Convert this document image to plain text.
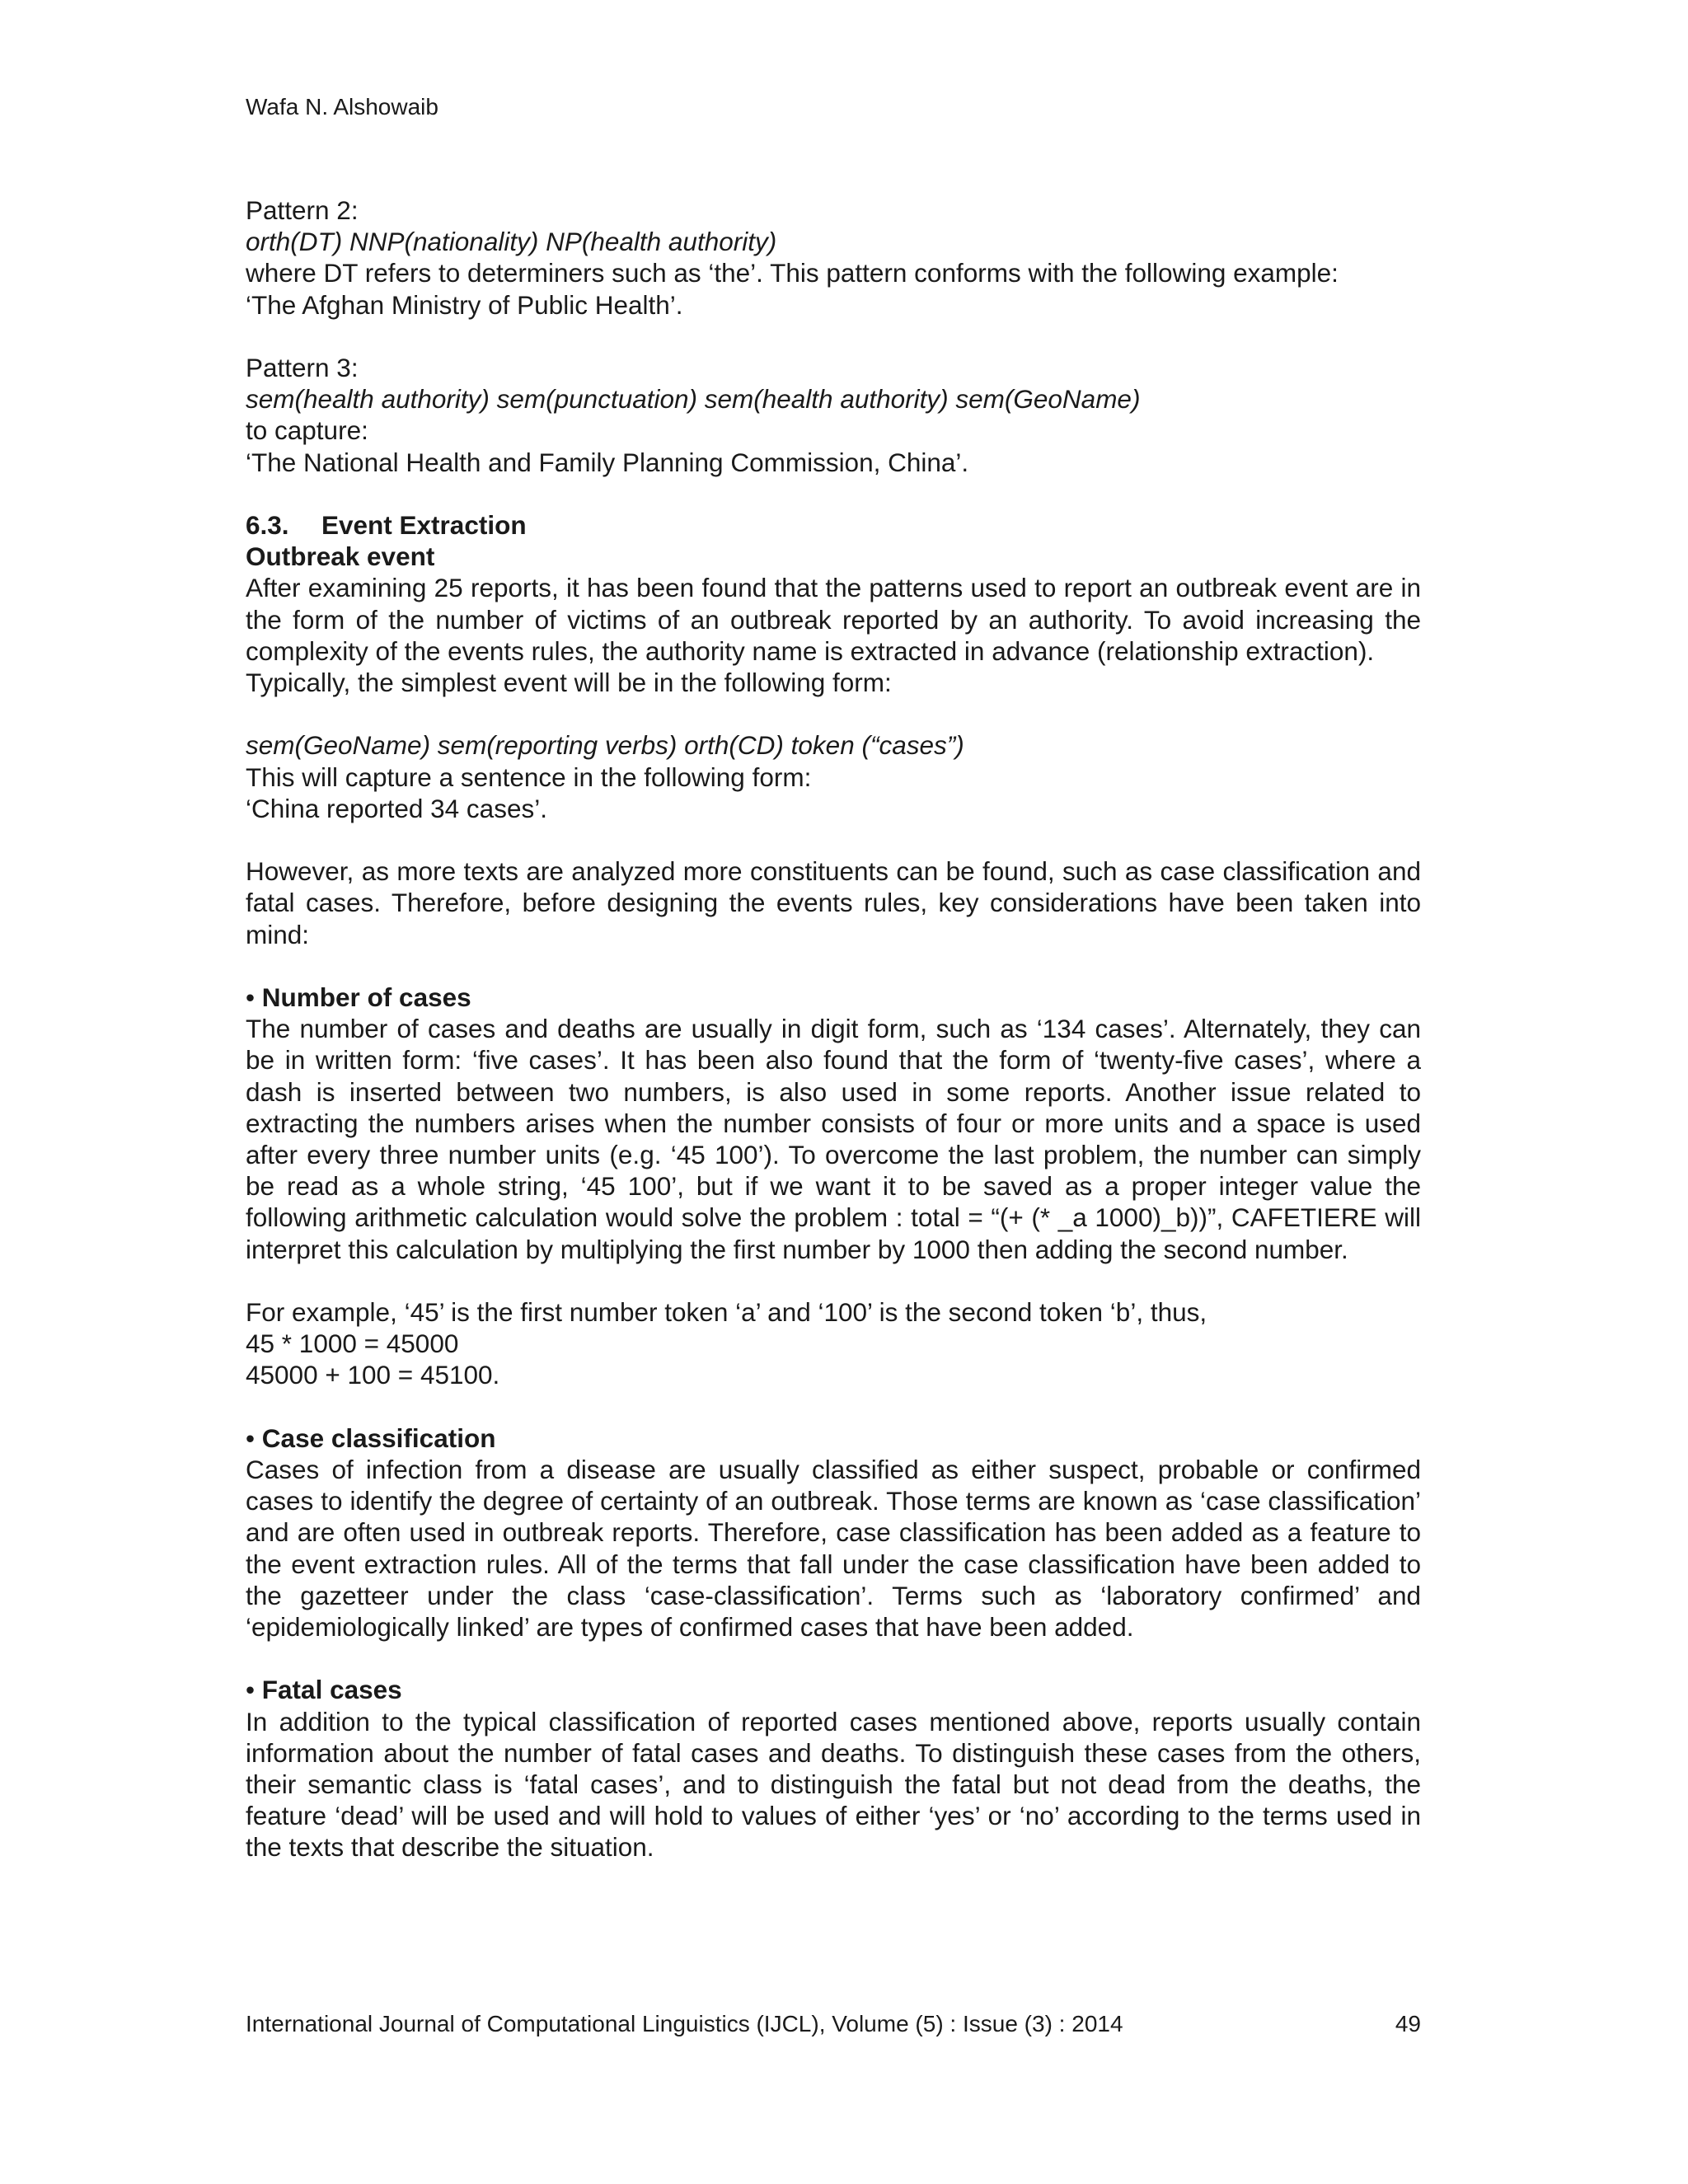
Wafa N. Alshowaib

Pattern 2:

orth(DT) NNP(nationality) NP(health authority)

where DT refers to determiners such as ‘the’. This pattern conforms with the following example:

‘The Afghan Ministry of Public Health’.

Pattern 3:

sem(health authority) sem(punctuation) sem(health authority) sem(GeoName)

to capture:

‘The National Health and Family Planning Commission, China’.

6.3. Event Extraction

Outbreak event

After examining 25 reports, it has been found that the patterns used to report an outbreak event are in the form of the number of victims of an outbreak reported by an authority. To avoid increasing the complexity of the events rules, the authority name is extracted in advance (relationship extraction).

Typically, the simplest event will be in the following form:

sem(GeoName) sem(reporting verbs) orth(CD) token (“cases”)

This will capture a sentence in the following form:

‘China reported 34 cases’.

However, as more texts are analyzed more constituents can be found, such as case classification and fatal cases. Therefore, before designing the events rules, key considerations have been taken into mind:

• Number of cases

The number of cases and deaths are usually in digit form, such as ‘134 cases’. Alternately, they can be in written form: ‘five cases’. It has been also found that the form of ‘twenty-five cases’, where a dash is inserted between two numbers, is also used in some reports. Another issue related to extracting the numbers arises when the number consists of four or more units and a space is used after every three number units (e.g. ‘45 100’). To overcome the last problem, the number can simply be read as a whole string, ‘45 100’, but if we want it to be saved as a proper integer value the following arithmetic calculation would solve the problem : total = “(+ (* _a 1000)_b))”, CAFETIERE will interpret this calculation by multiplying the first number by 1000 then adding the second number.

For example, ‘45’ is the first number token ‘a’ and ‘100’ is the second token ‘b’, thus,

45 * 1000 = 45000

45000 + 100 = 45100.

• Case classification

Cases of infection from a disease are usually classified as either suspect, probable or confirmed cases to identify the degree of certainty of an outbreak. Those terms are known as ‘case classification’ and are often used in outbreak reports. Therefore, case classification has been added as a feature to the event extraction rules. All of the terms that fall under the case classification have been added to the gazetteer under the class ‘case-classification’. Terms such as ‘laboratory confirmed’ and ‘epidemiologically linked’ are types of confirmed cases that have been added.

• Fatal cases

In addition to the typical classification of reported cases mentioned above, reports usually contain information about the number of fatal cases and deaths. To distinguish these cases from the others, their semantic class is ‘fatal cases’, and to distinguish the fatal but not dead from the deaths, the feature ‘dead’ will be used and will hold to values of either ‘yes’ or ‘no’ according to the terms used in the texts that describe the situation.

International Journal of Computational Linguistics (IJCL), Volume (5) : Issue (3) : 2014	49
